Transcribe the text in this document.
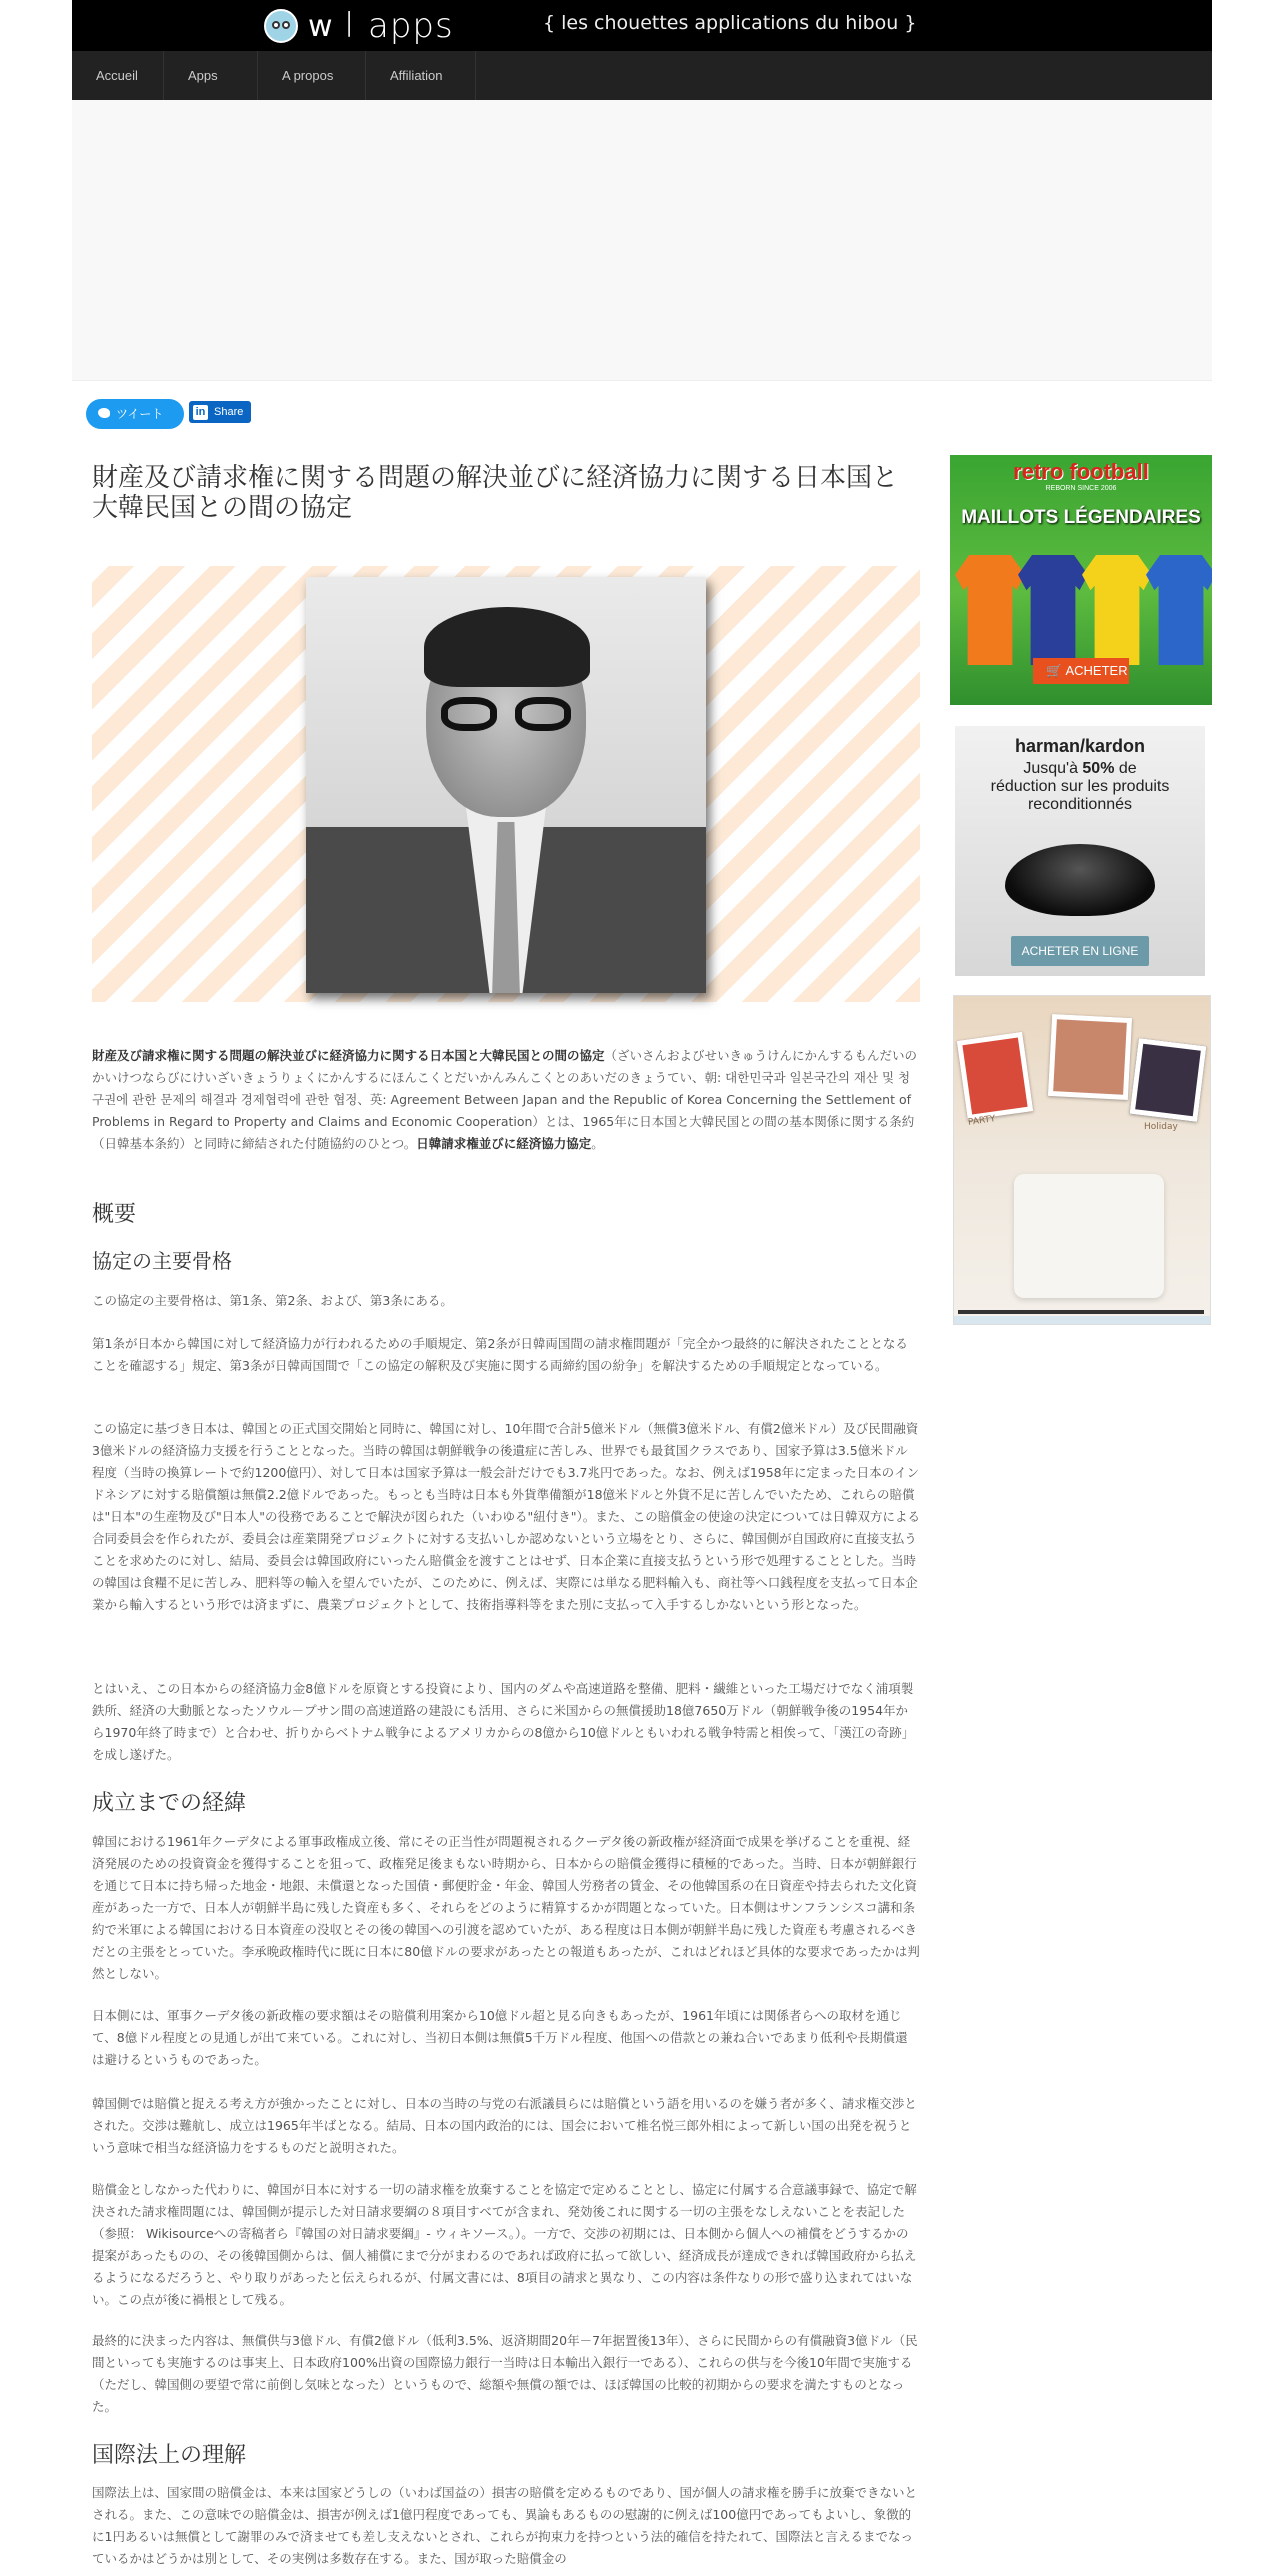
w l apps	{ les chouettes applications du hibou }
Accueil	Apps	A propos	Affiliation
ツイート	in Share
財産及び請求権に関する問題の解決並びに経済協力に関する日本国と大韓民国との間の協定

財産及び請求権に関する問題の解決並びに経済協力に関する日本国と大韓民国との間の協定（ざいさんおよびせいきゅうけんにかんするもんだいのかいけつならびにけいざいきょうりょくにかんするにほんこくとだいかんみんこくとのあいだのきょうてい、朝: 대한민국과 일본국간의 재산 및 청구권에 관한 문제의 해결과 경제협력에 관한 협정、英: Agreement Between Japan and the Republic of Korea Concerning the Settlement of Problems in Regard to Property and Claims and Economic Cooperation）とは、1965年に日本国と大韓民国との間の基本関係に関する条約（日韓基本条約）と同時に締結された付随協約のひとつ。日韓請求権並びに経済協力協定。

概要
協定の主要骨格

この協定の主要骨格は、第1条、第2条、および、第3条にある。

第1条が日本から韓国に対して経済協力が行われるための手順規定、第2条が日韓両国間の請求権問題が「完全かつ最終的に解決されたこととなることを確認する」規定、第3条が日韓両国間で「この協定の解釈及び実施に関する両締約国の紛争」を解決するための手順規定となっている。

この協定に基づき日本は、韓国との正式国交開始と同時に、韓国に対し、10年間で合計5億米ドル（無償3億米ドル、有償2億米ドル）及び民間融資3億米ドルの経済協力支援を行うこととなった。当時の韓国は朝鮮戦争の後遺症に苦しみ、世界でも最貧国クラスであり、国家予算は3.5億米ドル程度（当時の換算レートで約1200億円）、対して日本は国家予算は一般会計だけでも3.7兆円であった。なお、例えば1958年に定まった日本のインドネシアに対する賠償額は無償2.2億ドルであった。もっとも当時は日本も外貨準備額が18億米ドルと外貨不足に苦しんでいたため、これらの賠償は"日本"の生産物及び"日本人"の役務であることで解決が図られた（いわゆる"紐付き"）。また、この賠償金の使途の決定については日韓双方による合同委員会を作られたが、委員会は産業開発プロジェクトに対する支払いしか認めないという立場をとり、さらに、韓国側が自国政府に直接支払うことを求めたのに対し、結局、委員会は韓国政府にいったん賠償金を渡すことはせず、日本企業に直接支払うという形で処理することとした。当時の韓国は食糧不足に苦しみ、肥料等の輸入を望んでいたが、このために、例えば、実際には単なる肥料輸入も、商社等へ口銭程度を支払って日本企業から輸入するという形では済まずに、農業プロジェクトとして、技術指導料等をまた別に支払って入手するしかないという形となった。

とはいえ、この日本からの経済協力金8億ドルを原資とする投資により、国内のダムや高速道路を整備、肥料・繊維といった工場だけでなく浦項製鉄所、経済の大動脈となったソウル－プサン間の高速道路の建設にも活用、さらに米国からの無償援助18億7650万ドル（朝鮮戦争後の1954年から1970年終了時まで）と合わせ、折りからベトナム戦争によるアメリカからの8億から10億ドルともいわれる戦争特需と相俟って、「漢江の奇跡」を成し遂げた。

成立までの経緯

韓国における1961年クーデタによる軍事政権成立後、常にその正当性が問題視されるクーデタ後の新政権が経済面で成果を挙げることを重視、経済発展のための投資資金を獲得することを狙って、政権発足後まもない時期から、日本からの賠償金獲得に積極的であった。当時、日本が朝鮮銀行を通じて日本に持ち帰った地金・地銀、未償還となった国債・郵便貯金・年金、韓国人労務者の賃金、その他韓国系の在日資産や持去られた文化資産があった一方で、日本人が朝鮮半島に残した資産も多く、それらをどのように精算するかが問題となっていた。日本側はサンフランシスコ講和条約で米軍による韓国における日本資産の没収とその後の韓国への引渡を認めていたが、ある程度は日本側が朝鮮半島に残した資産も考慮されるべきだとの主張をとっていた。李承晩政権時代に既に日本に80億ドルの要求があったとの報道もあったが、これはどれほど具体的な要求であったかは判然としない。

日本側には、軍事クーデタ後の新政権の要求額はその賠償利用案から10億ドル超と見る向きもあったが、1961年頃には関係者らへの取材を通じて、8億ドル程度との見通しが出て来ている。これに対し、当初日本側は無償5千万ドル程度、他国への借款との兼ね合いであまり低利や長期償還は避けるというものであった。

韓国側では賠償と捉える考え方が強かったことに対し、日本の当時の与党の右派議員らには賠償という語を用いるのを嫌う者が多く、請求権交渉とされた。交渉は難航し、成立は1965年半ばとなる。結局、日本の国内政治的には、国会において椎名悦三郎外相によって新しい国の出発を祝うという意味で相当な経済協力をするものだと説明された。

賠償金としなかった代わりに、韓国が日本に対する一切の請求権を放棄することを協定で定めることとし、協定に付属する合意議事録で、協定で解決された請求権問題には、韓国側が提示した対日請求要綱の８項目すべてが含まれ、発効後これに関する一切の主張をなしえないことを表記した（参照： Wikisourceへの寄稿者ら『韓国の対日請求要綱』- ウィキソース。）。一方で、交渉の初期には、日本側から個人への補償をどうするかの提案があったものの、その後韓国側からは、個人補償にまで分がまわるのであれば政府に払って欲しい、経済成長が達成できれば韓国政府から払えるようになるだろうと、やり取りがあったと伝えられるが、付属文書には、8項目の請求と異なり、この内容は条件なりの形で盛り込まれてはいない。この点が後に禍根として残る。

最終的に決まった内容は、無償供与3億ドル、有償2億ドル（低利3.5%、返済期間20年－7年据置後13年）、さらに民間からの有償融資3億ドル（民間といっても実施するのは事実上、日本政府100%出資の国際協力銀行一当時は日本輸出入銀行一である）、これらの供与を今後10年間で実施する（ただし、韓国側の要望で常に前倒し気味となった）というもので、総額や無償の額では、ほぼ韓国の比較的初期からの要求を満たすものとなった。

国際法上の理解

国際法上は、国家間の賠償金は、本来は国家どうしの（いわば国益の）損害の賠償を定めるものであり、国が個人の請求権を勝手に放棄できないとされる。また、この意味での賠償金は、損害が例えば1億円程度であっても、異論もあるものの慰謝的に例えば100億円であってもよいし、象徴的に1円あるいは無償として謝罪のみで済ませても差し支えないとされ、これらが拘束力を持つという法的確信を持たれて、国際法と言えるまでなっているかはどうかは別として、その実例は多数存在する。また、国が取った賠償金の

retro football
REBORN SINCE 2006
MAILLOTS LÉGENDAIRES
🛒 ACHETER
harman/kardon
Jusqu'à 50% de
réduction sur les produits
reconditionnés
ACHETER EN LIGNE
PARTY	Holiday
